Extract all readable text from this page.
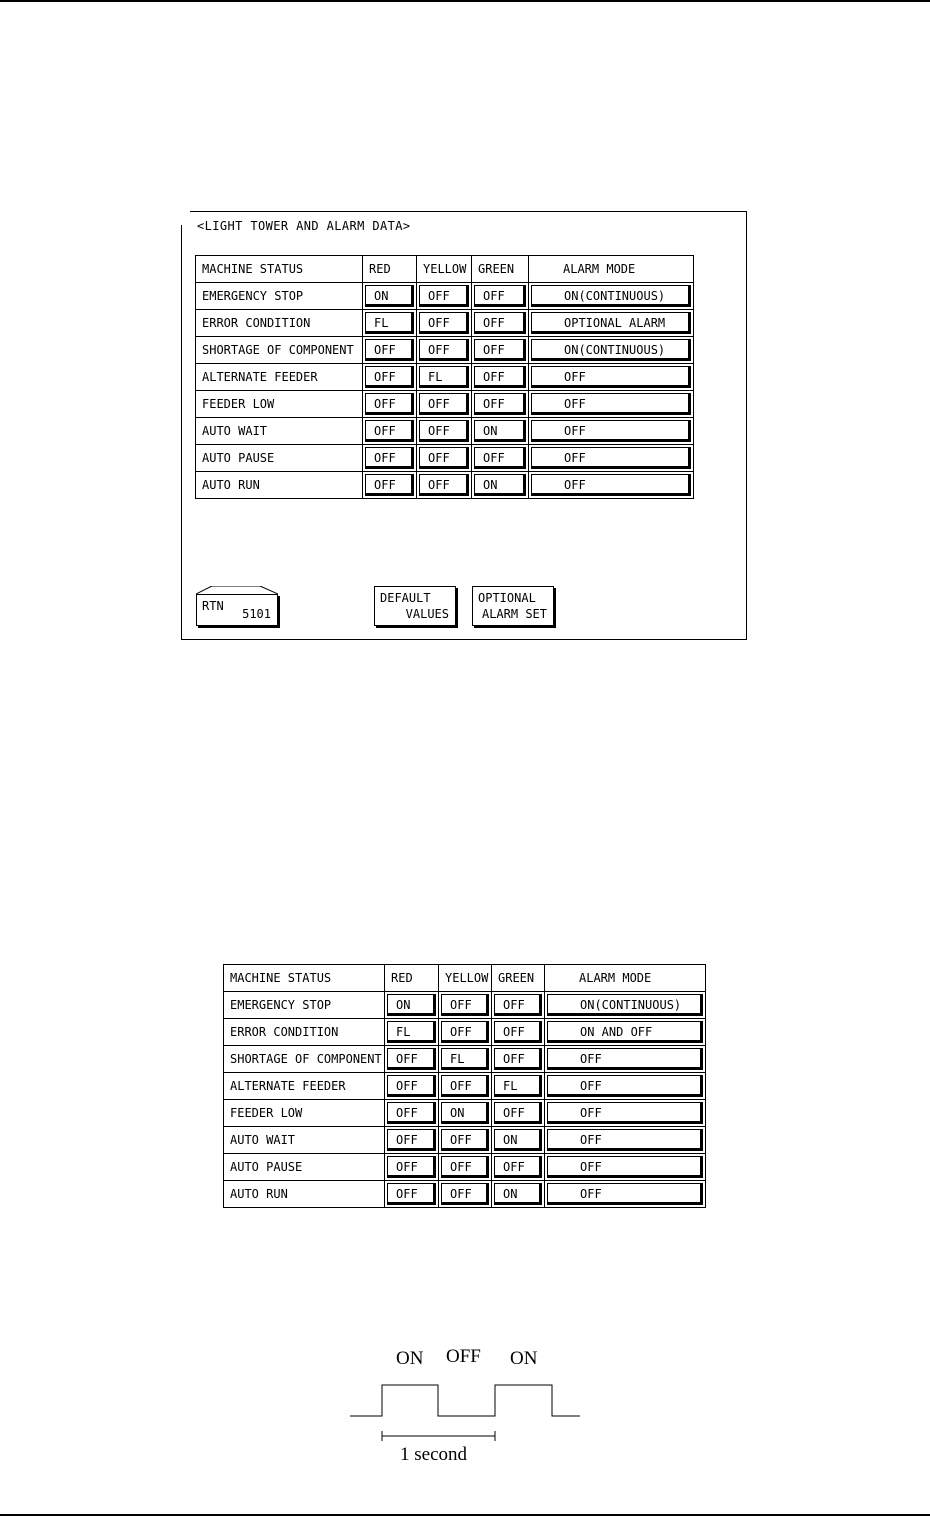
<LIGHT TOWER AND ALARM DATA>
MACHINE STATUS	RED	YELLOW	GREEN	ALARM MODE
EMERGENCY STOP	ON	OFF	OFF	ON(CONTINUOUS)

ERROR CONDITION	FL	OFF	OFF	OPTIONAL ALARM

SHORTAGE OF COMPONENT	OFF	OFF	OFF	ON(CONTINUOUS)

ALTERNATE FEEDER	OFF	FL	OFF	OFF

FEEDER LOW	OFF	OFF	OFF	OFF

AUTO WAIT	OFF	OFF	ON	OFF

AUTO PAUSE	OFF	OFF	OFF	OFF

AUTO RUN	OFF	OFF	ON	OFF
RTN
5101
DEFAULT
VALUES
OPTIONAL
ALARM SET
MACHINE STATUS	RED	YELLOW	GREEN	ALARM MODE
EMERGENCY STOP	ON	OFF	OFF	ON(CONTINUOUS)

ERROR CONDITION	FL	OFF	OFF	ON AND OFF

SHORTAGE OF COMPONENT	OFF	FL	OFF	OFF

ALTERNATE FEEDER	OFF	OFF	FL	OFF

FEEDER LOW	OFF	ON	OFF	OFF

AUTO WAIT	OFF	OFF	ON	OFF

AUTO PAUSE	OFF	OFF	OFF	OFF

AUTO RUN	OFF	OFF	ON	OFF
ON OFF ON
1 second
